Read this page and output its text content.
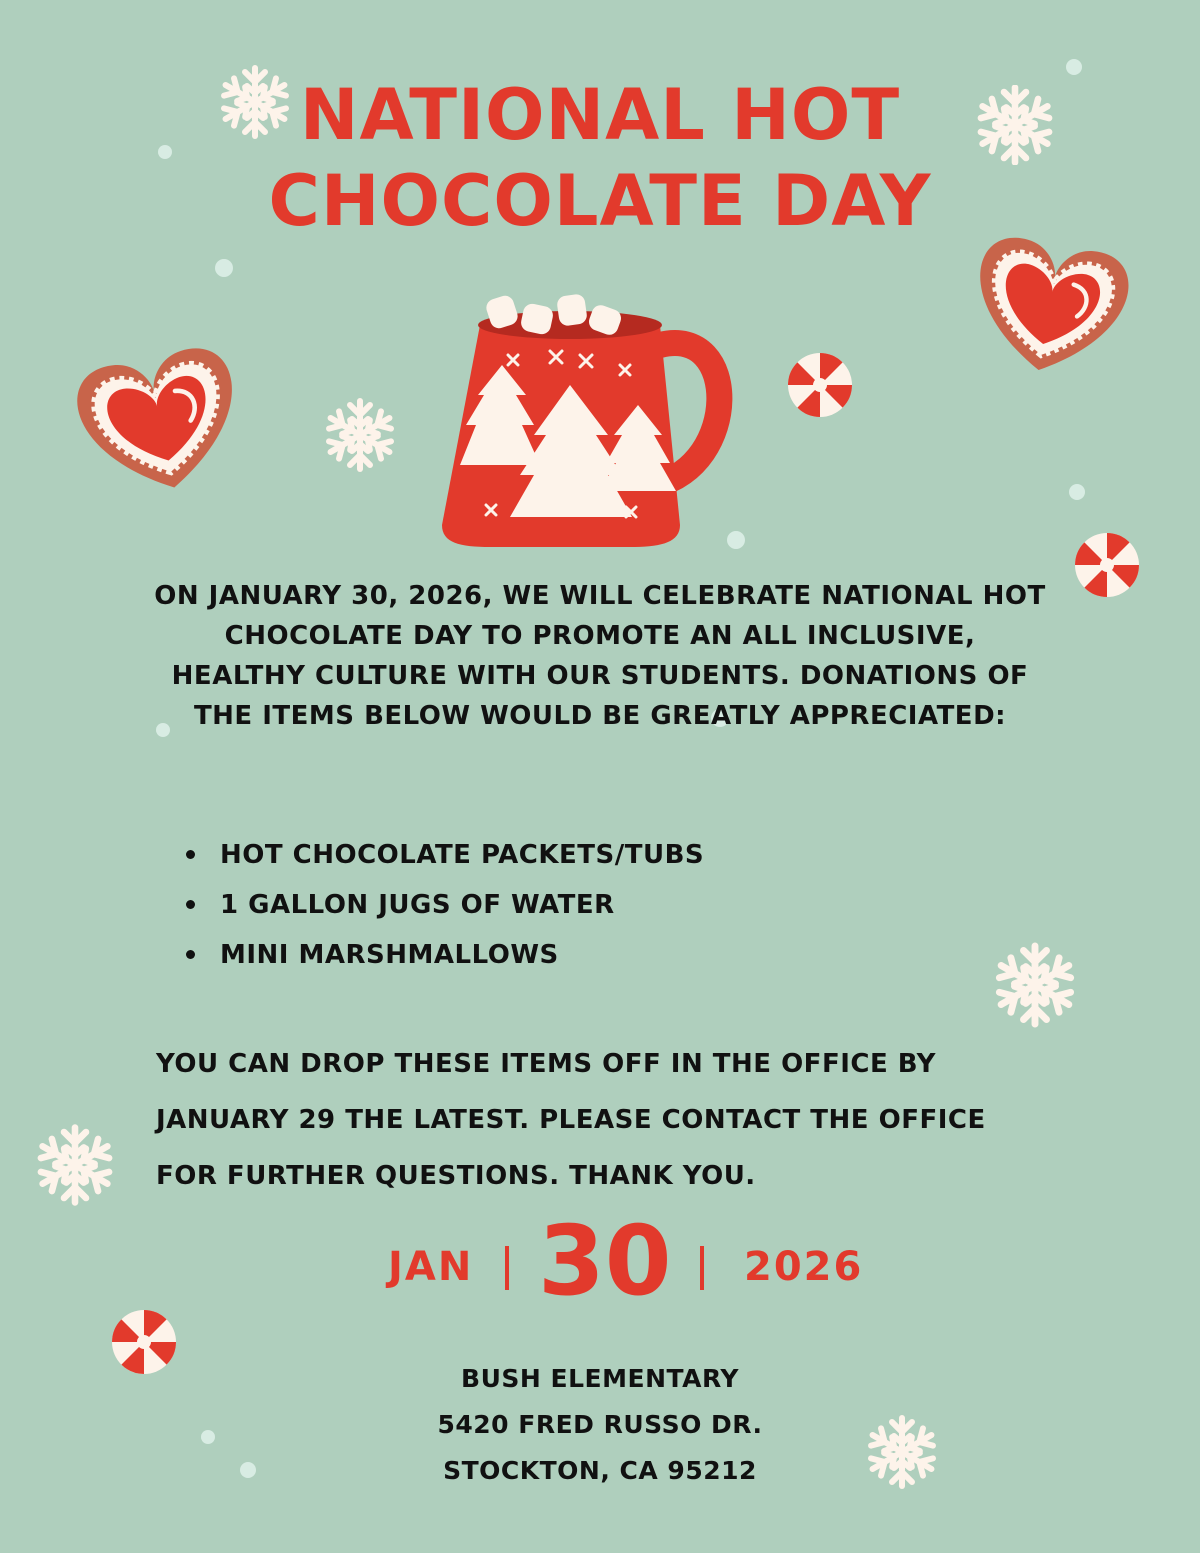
NATIONAL HOT
CHOCOLATE DAY
ON JANUARY 30, 2026, WE WILL CELEBRATE NATIONAL HOT
CHOCOLATE DAY TO PROMOTE AN ALL INCLUSIVE,
HEALTHY CULTURE WITH OUR STUDENTS. DONATIONS OF
THE ITEMS BELOW WOULD BE GREATLY APPRECIATED:
HOT CHOCOLATE PACKETS/TUBS
1 GALLON JUGS OF WATER
MINI MARSHMALLOWS
YOU CAN DROP THESE ITEMS OFF IN THE OFFICE BY
JANUARY 29 THE LATEST. PLEASE CONTACT THE OFFICE
FOR FURTHER QUESTIONS. THANK YOU.
JAN 30 2026
BUSH ELEMENTARY
5420 FRED RUSSO DR.
STOCKTON, CA 95212
